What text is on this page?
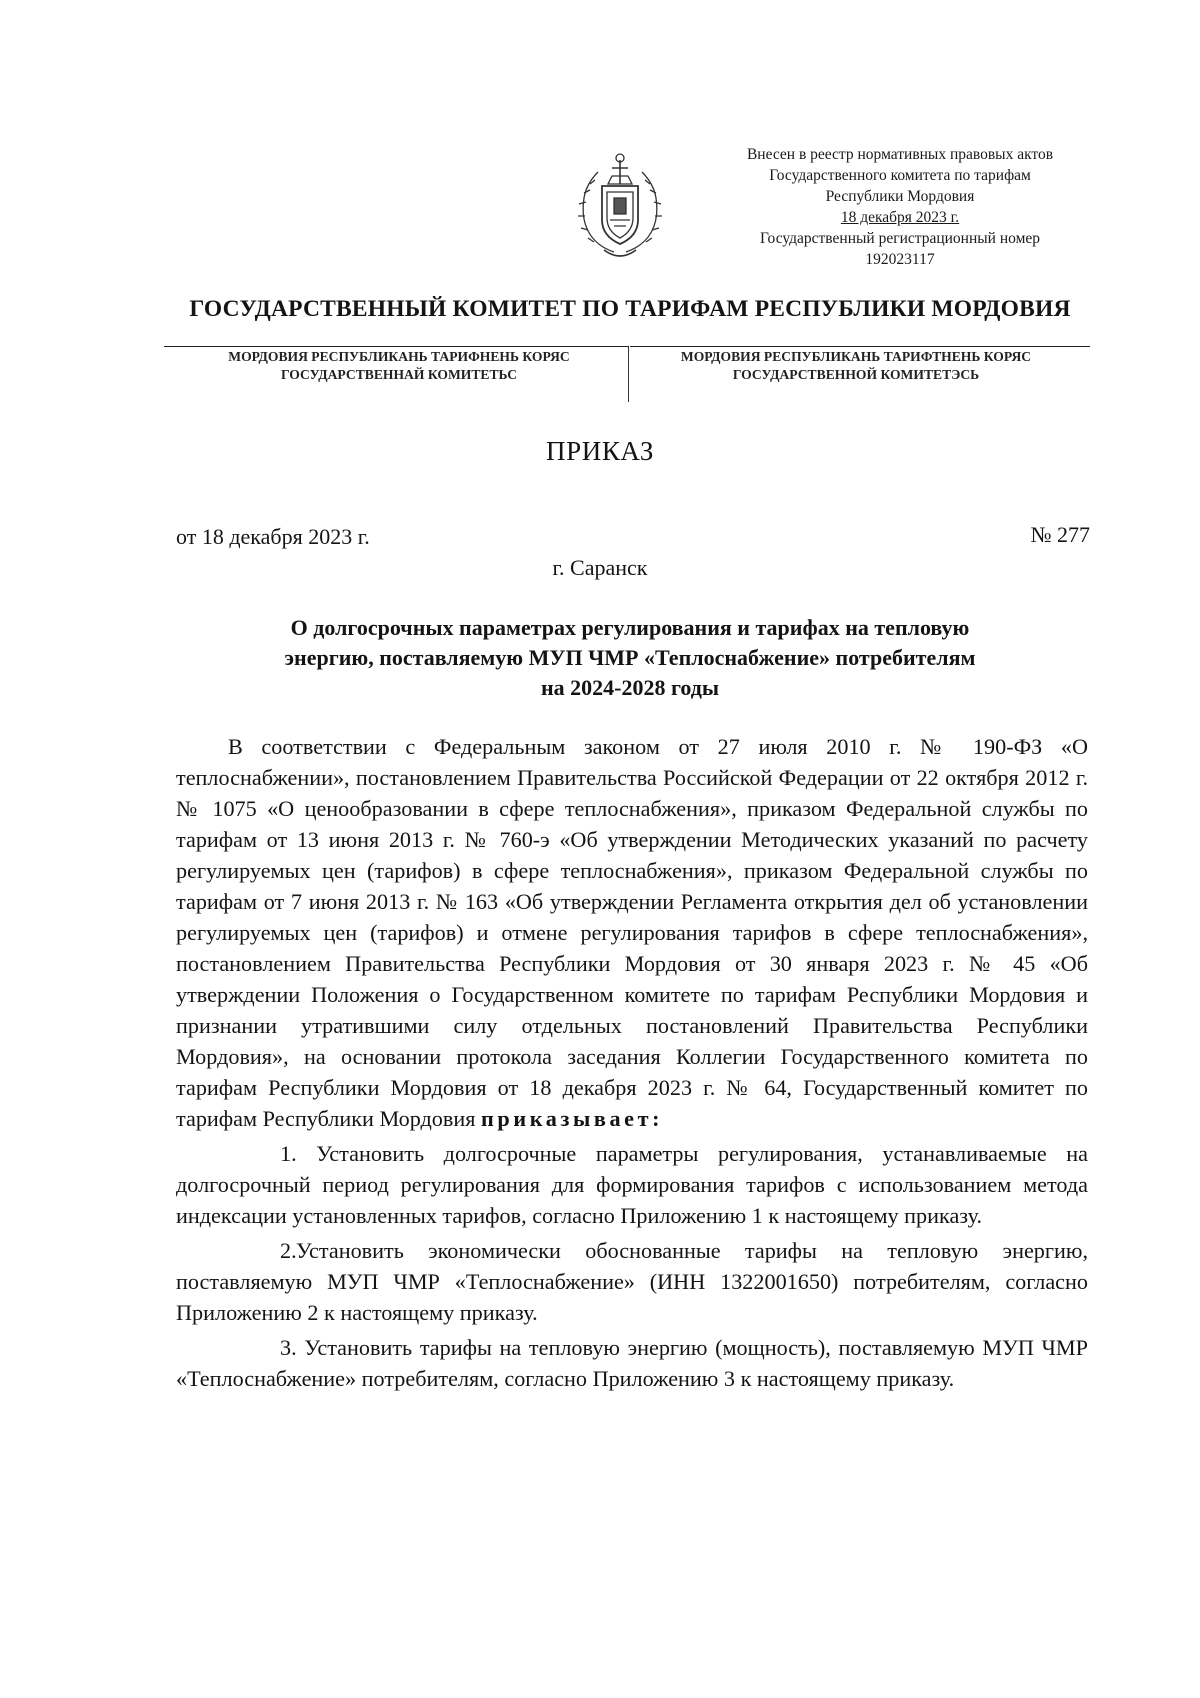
Внесен в реестр нормативных правовых актов
Государственного комитета по тарифам
Республики Мордовия
18 декабря 2023 г.
Государственный регистрационный номер
192023117
ГОСУДАРСТВЕННЫЙ КОМИТЕТ ПО ТАРИФАМ РЕСПУБЛИКИ МОРДОВИЯ
МОРДОВИЯ РЕСПУБЛИКАНЬ ТАРИФНЕНЬ КОРЯС
ГОСУДАРСТВЕННАЙ КОМИТЕТЬС
МОРДОВИЯ РЕСПУБЛИКАНЬ ТАРИФТНЕНЬ КОРЯС
ГОСУДАРСТВЕННОЙ КОМИТЕТЭСЬ
ПРИКАЗ
от 18 декабря 2023 г.	№ 277
г. Саранск
О долгосрочных параметрах регулирования и тарифах на тепловую
энергию, поставляемую МУП ЧМР «Теплоснабжение» потребителям
на 2024-2028 годы

В соответствии с Федеральным законом от 27 июля 2010 г. № 190-ФЗ «О теплоснабжении», постановлением Правительства Российской Федерации от 22 октября 2012 г. № 1075 «О ценообразовании в сфере теплоснабжения», приказом Федеральной службы по тарифам от 13 июня 2013 г. № 760-э «Об утверждении Методических указаний по расчету регулируемых цен (тарифов) в сфере теплоснабжения», приказом Федеральной службы по тарифам от 7 июня 2013 г. № 163 «Об утверждении Регламента открытия дел об установлении регулируемых цен (тарифов) и отмене регулирования тарифов в сфере теплоснабжения», постановлением Правительства Республики Мордовия от 30 января 2023 г. № 45 «Об утверждении Положения о Государственном комитете по тарифам Республики Мордовия и признании утратившими силу отдельных постановлений Правительства Республики Мордовия», на основании протокола заседания Коллегии Государственного комитета по тарифам Республики Мордовия от 18 декабря 2023 г. № 64, Государственный комитет по тарифам Республики Мордовия приказывает:

1. Установить долгосрочные параметры регулирования, устанавливаемые на долгосрочный период регулирования для формирования тарифов с использованием метода индексации установленных тарифов, согласно Приложению 1 к настоящему приказу.

2.Установить экономически обоснованные тарифы на тепловую энергию, поставляемую МУП ЧМР «Теплоснабжение» (ИНН 1322001650) потребителям, согласно Приложению 2 к настоящему приказу.

3. Установить тарифы на тепловую энергию (мощность), поставляемую МУП ЧМР «Теплоснабжение» потребителям, согласно Приложению 3 к настоящему приказу.
